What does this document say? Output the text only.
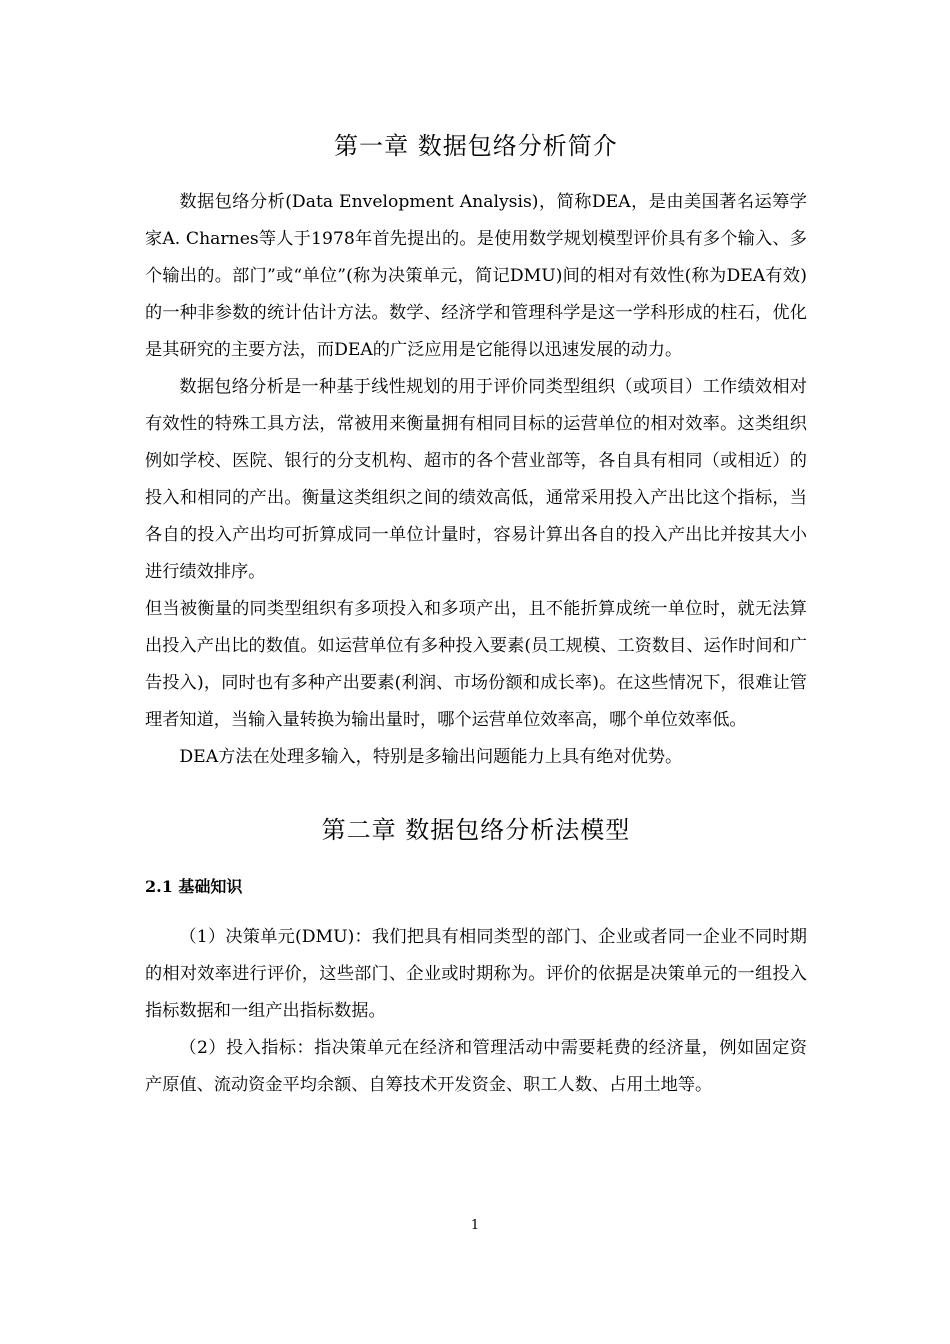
第一章 数据包络分析简介

数据包络分析(Data Envelopment Analysis)，简称DEA，是由美国著名运筹学家A. Charnes等人于1978年首先提出的。是使用数学规划模型评价具有多个输入、多个输出的。部门”或“单位”(称为决策单元，简记DMU)间的相对有效性(称为DEA有效)的一种非参数的统计估计方法。数学、经济学和管理科学是这一学科形成的柱石，优化是其研究的主要方法，而DEA的广泛应用是它能得以迅速发展的动力。

数据包络分析是一种基于线性规划的用于评价同类型组织（或项目）工作绩效相对有效性的特殊工具方法，常被用来衡量拥有相同目标的运营单位的相对效率。这类组织例如学校、医院、银行的分支机构、超市的各个营业部等，各自具有相同（或相近）的投入和相同的产出。衡量这类组织之间的绩效高低，通常采用投入产出比这个指标，当各自的投入产出均可折算成同一单位计量时，容易计算出各自的投入产出比并按其大小进行绩效排序。

但当被衡量的同类型组织有多项投入和多项产出，且不能折算成统一单位时，就无法算出投入产出比的数值。如运营单位有多种投入要素(员工规模、工资数目、运作时间和广告投入)，同时也有多种产出要素(利润、市场份额和成长率)。在这些情况下，很难让管理者知道，当输入量转换为输出量时，哪个运营单位效率高，哪个单位效率低。

DEA方法在处理多输入，特别是多输出问题能力上具有绝对优势。

第二章 数据包络分析法模型
2.1 基础知识

（1）决策单元(DMU)：我们把具有相同类型的部门、企业或者同一企业不同时期的相对效率进行评价，这些部门、企业或时期称为。评价的依据是决策单元的一组投入指标数据和一组产出指标数据。

（2）投入指标：指决策单元在经济和管理活动中需要耗费的经济量，例如固定资产原值、流动资金平均余额、自筹技术开发资金、职工人数、占用土地等。

1
